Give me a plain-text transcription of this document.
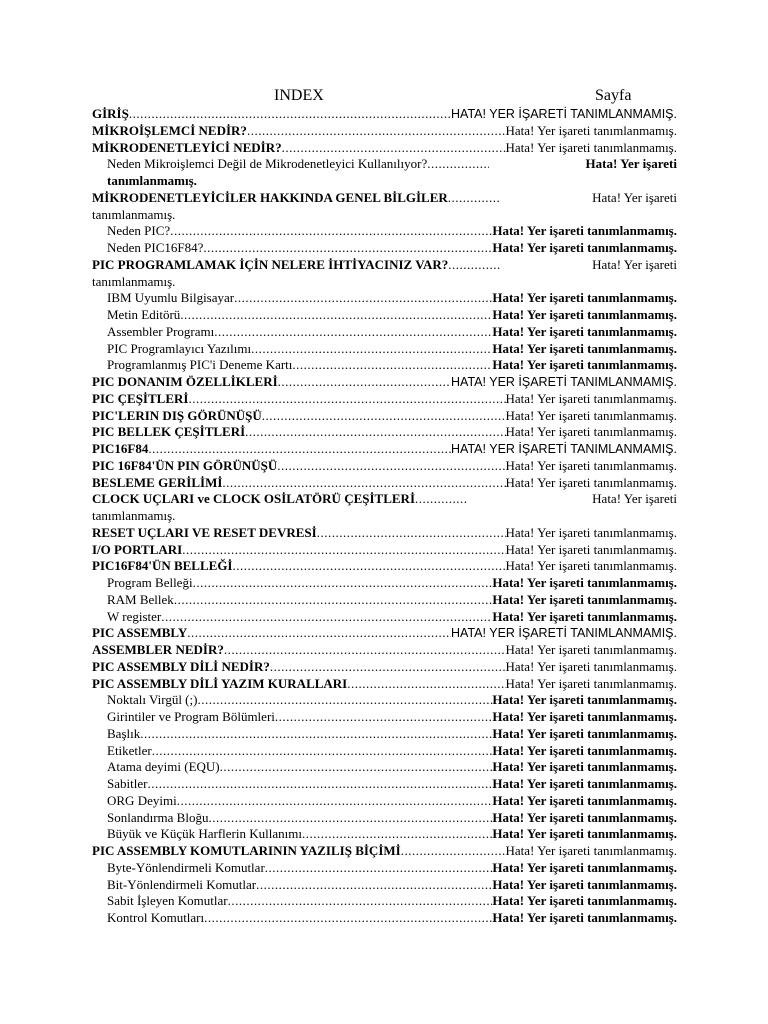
INDEX	Sayfa
GİRİŞ .....	HATA! YER İŞARETİ TANIMLANMAMIŞ.
MİKROİŞLEMCİ NEDİR? .....	Hata! Yer işareti tanımlanmamış.
MİKRODENETLEYİCİ NEDİR? .....	Hata! Yer işareti tanımlanmamış.
Neden Mikroişlemci Değil de Mikrodenetleyici Kullanılıyor? .....	Hata! Yer işareti
tanımlanmamış.
MİKRODENETLEYİCİLER HAKKINDA GENEL BİLGİLER .....	Hata! Yer işareti
tanımlanmamış.
Neden PIC? .....	Hata! Yer işareti tanımlanmamış.
Neden PIC16F84? .....	Hata! Yer işareti tanımlanmamış.
PIC PROGRAMLAMAK İÇİN NELERE İHTİYACINIZ VAR? .....	Hata! Yer işareti
tanımlanmamış.
IBM Uyumlu Bilgisayar .....	Hata! Yer işareti tanımlanmamış.
Metin Editörü .....	Hata! Yer işareti tanımlanmamış.
Assembler Programı .....	Hata! Yer işareti tanımlanmamış.
PIC Programlayıcı Yazılımı .....	Hata! Yer işareti tanımlanmamış.
Programlanmış PIC'i Deneme Kartı .....	Hata! Yer işareti tanımlanmamış.
PIC DONANIM ÖZELLİKLERİ .....	HATA! YER İŞARETİ TANIMLANMAMIŞ.
PIC ÇEŞİTLERİ .....	Hata! Yer işareti tanımlanmamış.
PIC'LERIN DIŞ GÖRÜNÜŞÜ .....	Hata! Yer işareti tanımlanmamış.
PIC BELLEK ÇEŞİTLERİ .....	Hata! Yer işareti tanımlanmamış.
PIC16F84 .....	HATA! YER İŞARETİ TANIMLANMAMIŞ.
PIC 16F84'ÜN PIN GÖRÜNÜŞÜ .....	Hata! Yer işareti tanımlanmamış.
BESLEME GERİLİMİ .....	Hata! Yer işareti tanımlanmamış.
CLOCK UÇLARI ve CLOCK OSİLATÖRÜ ÇEŞİTLERİ .....	Hata! Yer işareti
tanımlanmamış.
RESET UÇLARI VE RESET DEVRESİ .....	Hata! Yer işareti tanımlanmamış.
I/O PORTLARI .....	Hata! Yer işareti tanımlanmamış.
PIC16F84'ÜN BELLEĞİ .....	Hata! Yer işareti tanımlanmamış.
Program Belleği .....	Hata! Yer işareti tanımlanmamış.
RAM Bellek .....	Hata! Yer işareti tanımlanmamış.
W register .....	Hata! Yer işareti tanımlanmamış.
PIC ASSEMBLY .....	HATA! YER İŞARETİ TANIMLANMAMIŞ.
ASSEMBLER NEDİR? .....	Hata! Yer işareti tanımlanmamış.
PIC ASSEMBLY DİLİ NEDİR? .....	Hata! Yer işareti tanımlanmamış.
PIC ASSEMBLY DİLİ YAZIM KURALLARI .....	Hata! Yer işareti tanımlanmamış.
Noktalı Virgül (;) .....	Hata! Yer işareti tanımlanmamış.
Girintiler ve Program Bölümleri .....	Hata! Yer işareti tanımlanmamış.
Başlık .....	Hata! Yer işareti tanımlanmamış.
Etiketler .....	Hata! Yer işareti tanımlanmamış.
Atama deyimi (EQU) .....	Hata! Yer işareti tanımlanmamış.
Sabitler .....	Hata! Yer işareti tanımlanmamış.
ORG Deyimi .....	Hata! Yer işareti tanımlanmamış.
Sonlandırma Bloğu .....	Hata! Yer işareti tanımlanmamış.
Büyük ve Küçük Harflerin Kullanımı .....	Hata! Yer işareti tanımlanmamış.
PIC ASSEMBLY KOMUTLARININ YAZILIŞ BİÇİMİ .....	Hata! Yer işareti tanımlanmamış.
Byte-Yönlendirmeli Komutlar .....	Hata! Yer işareti tanımlanmamış.
Bit-Yönlendirmeli Komutlar .....	Hata! Yer işareti tanımlanmamış.
Sabit İşleyen Komutlar .....	Hata! Yer işareti tanımlanmamış.
Kontrol Komutları .....	Hata! Yer işareti tanımlanmamış.
